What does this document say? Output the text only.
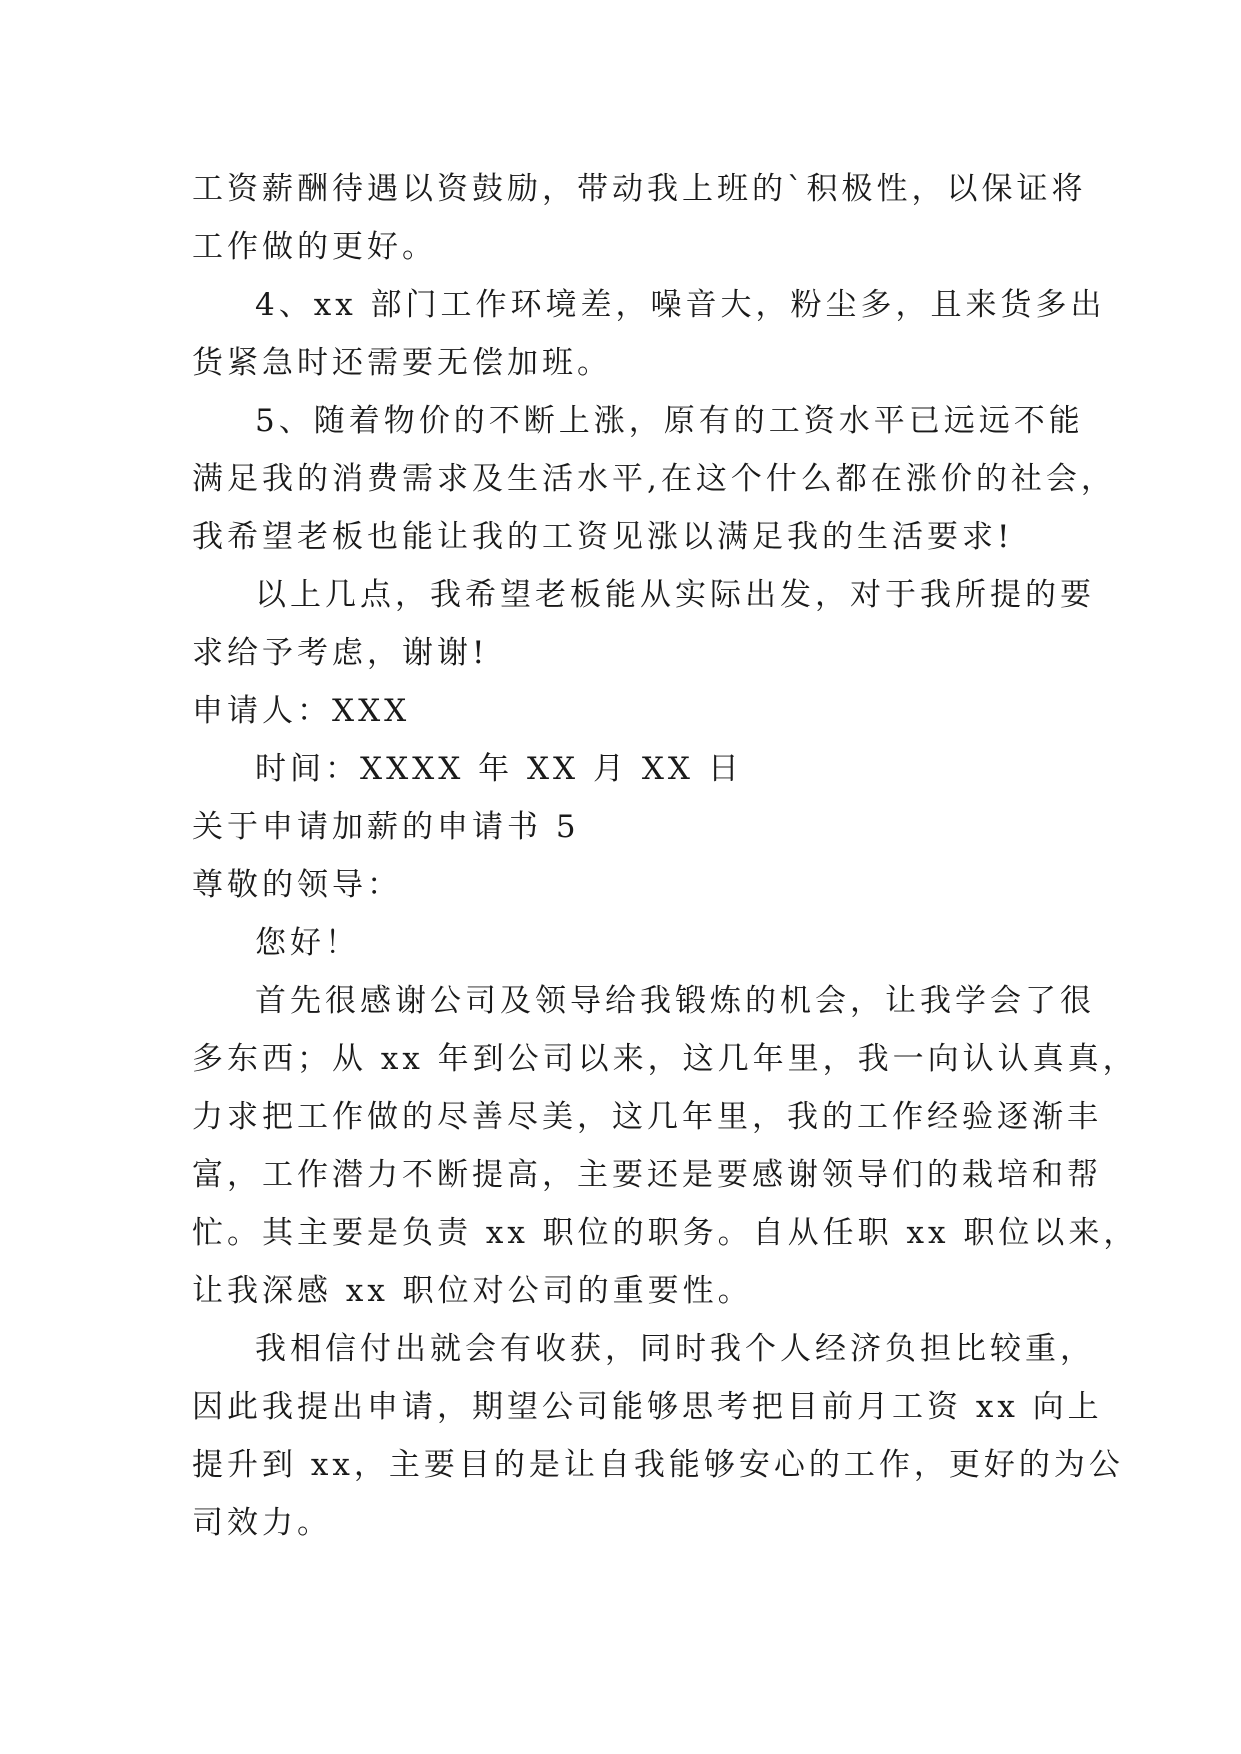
工资薪酬待遇以资鼓励，带动我上班的`积极性，以保证将
工作做的更好。
4、xx 部门工作环境差，噪音大，粉尘多，且来货多出
货紧急时还需要无偿加班。
5、随着物价的不断上涨，原有的工资水平已远远不能
满足我的消费需求及生活水平,在这个什么都在涨价的社会，
我希望老板也能让我的工资见涨以满足我的生活要求!
以上几点，我希望老板能从实际出发，对于我所提的要
求给予考虑，谢谢!
申请人：XXX
时间：XXXX 年 XX 月 XX 日
关于申请加薪的申请书 5
尊敬的领导：
您好！
首先很感谢公司及领导给我锻炼的机会，让我学会了很
多东西；从 xx 年到公司以来，这几年里，我一向认认真真，
力求把工作做的尽善尽美，这几年里，我的工作经验逐渐丰
富，工作潜力不断提高，主要还是要感谢领导们的栽培和帮
忙。其主要是负责 xx 职位的职务。自从任职 xx 职位以来，
让我深感 xx 职位对公司的重要性。
我相信付出就会有收获，同时我个人经济负担比较重，
因此我提出申请，期望公司能够思考把目前月工资 xx 向上
提升到 xx，主要目的是让自我能够安心的工作，更好的为公
司效力。
